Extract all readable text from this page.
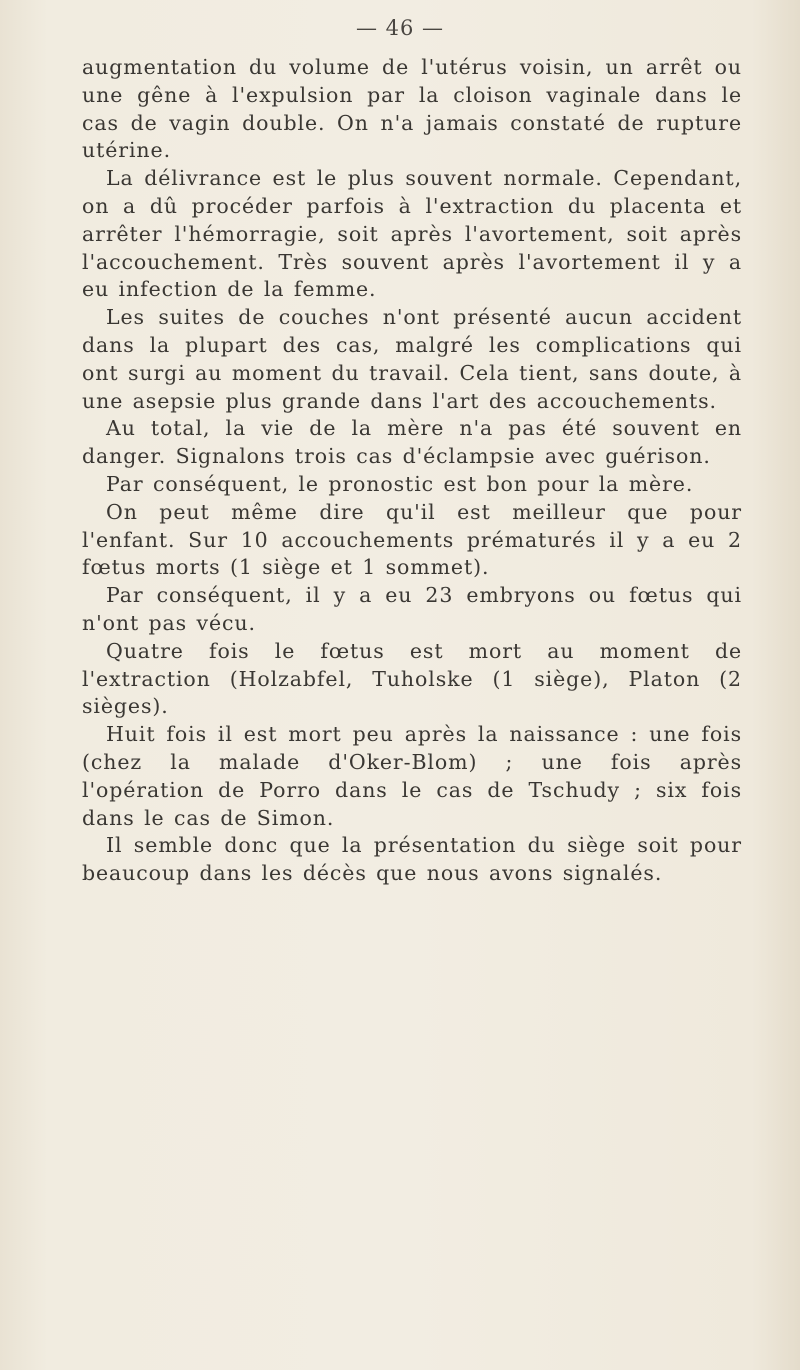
— 46 —

augmentation du volume de l'utérus voisin, un arrêt ou une gêne à l'expulsion par la cloison vaginale dans le cas de vagin double. On n'a jamais constaté de rupture utérine.

La délivrance est le plus souvent normale. Cependant, on a dû procéder parfois à l'extraction du placenta et arrêter l'hémorragie, soit après l'avortement, soit après l'accouchement. Très souvent après l'avortement il y a eu infection de la femme.

Les suites de couches n'ont présenté aucun accident dans la plupart des cas, malgré les complications qui ont surgi au moment du travail. Cela tient, sans doute, à une asepsie plus grande dans l'art des accouchements.

Au total, la vie de la mère n'a pas été souvent en danger. Signalons trois cas d'éclampsie avec guérison.

Par conséquent, le pronostic est bon pour la mère.

On peut même dire qu'il est meilleur que pour l'enfant. Sur 10 accouchements prématurés il y a eu 2 fœtus morts (1 siège et 1 sommet).

Par conséquent, il y a eu 23 embryons ou fœtus qui n'ont pas vécu.

Quatre fois le fœtus est mort au moment de l'extraction (Holzabfel, Tuholske (1 siège), Platon (2 sièges).

Huit fois il est mort peu après la naissance : une fois (chez la malade d'Oker-Blom) ; une fois après l'opération de Porro dans le cas de Tschudy ; six fois dans le cas de Simon.

Il semble donc que la présentation du siège soit pour beaucoup dans les décès que nous avons signalés.
